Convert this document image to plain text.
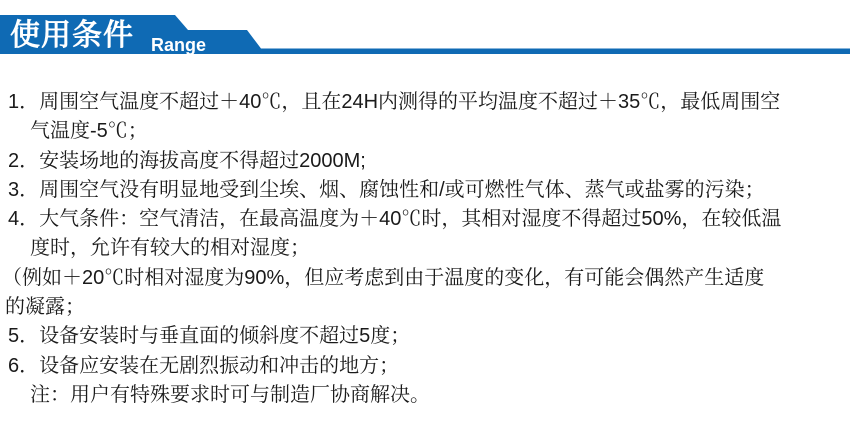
使用条件 Range
1．周围空气温度不超过＋40℃，且在24H内测得的平均温度不超过＋35℃，最低周围空
气温度-5℃；
2．安装场地的海拔高度不得超过2000M;
3．周围空气没有明显地受到尘埃、烟、腐蚀性和/或可燃性气体、蒸气或盐雾的污染；
4．大气条件：空气清洁，在最高温度为＋40℃时，其相对湿度不得超过50%，在较低温
度时，允许有较大的相对湿度；
（例如＋20℃时相对湿度为90%，但应考虑到由于温度的变化，有可能会偶然产生适度
的凝露；
5．设备安装时与垂直面的倾斜度不超过5度；
6．设备应安装在无剧烈振动和冲击的地方；
注：用户有特殊要求时可与制造厂协商解决。
